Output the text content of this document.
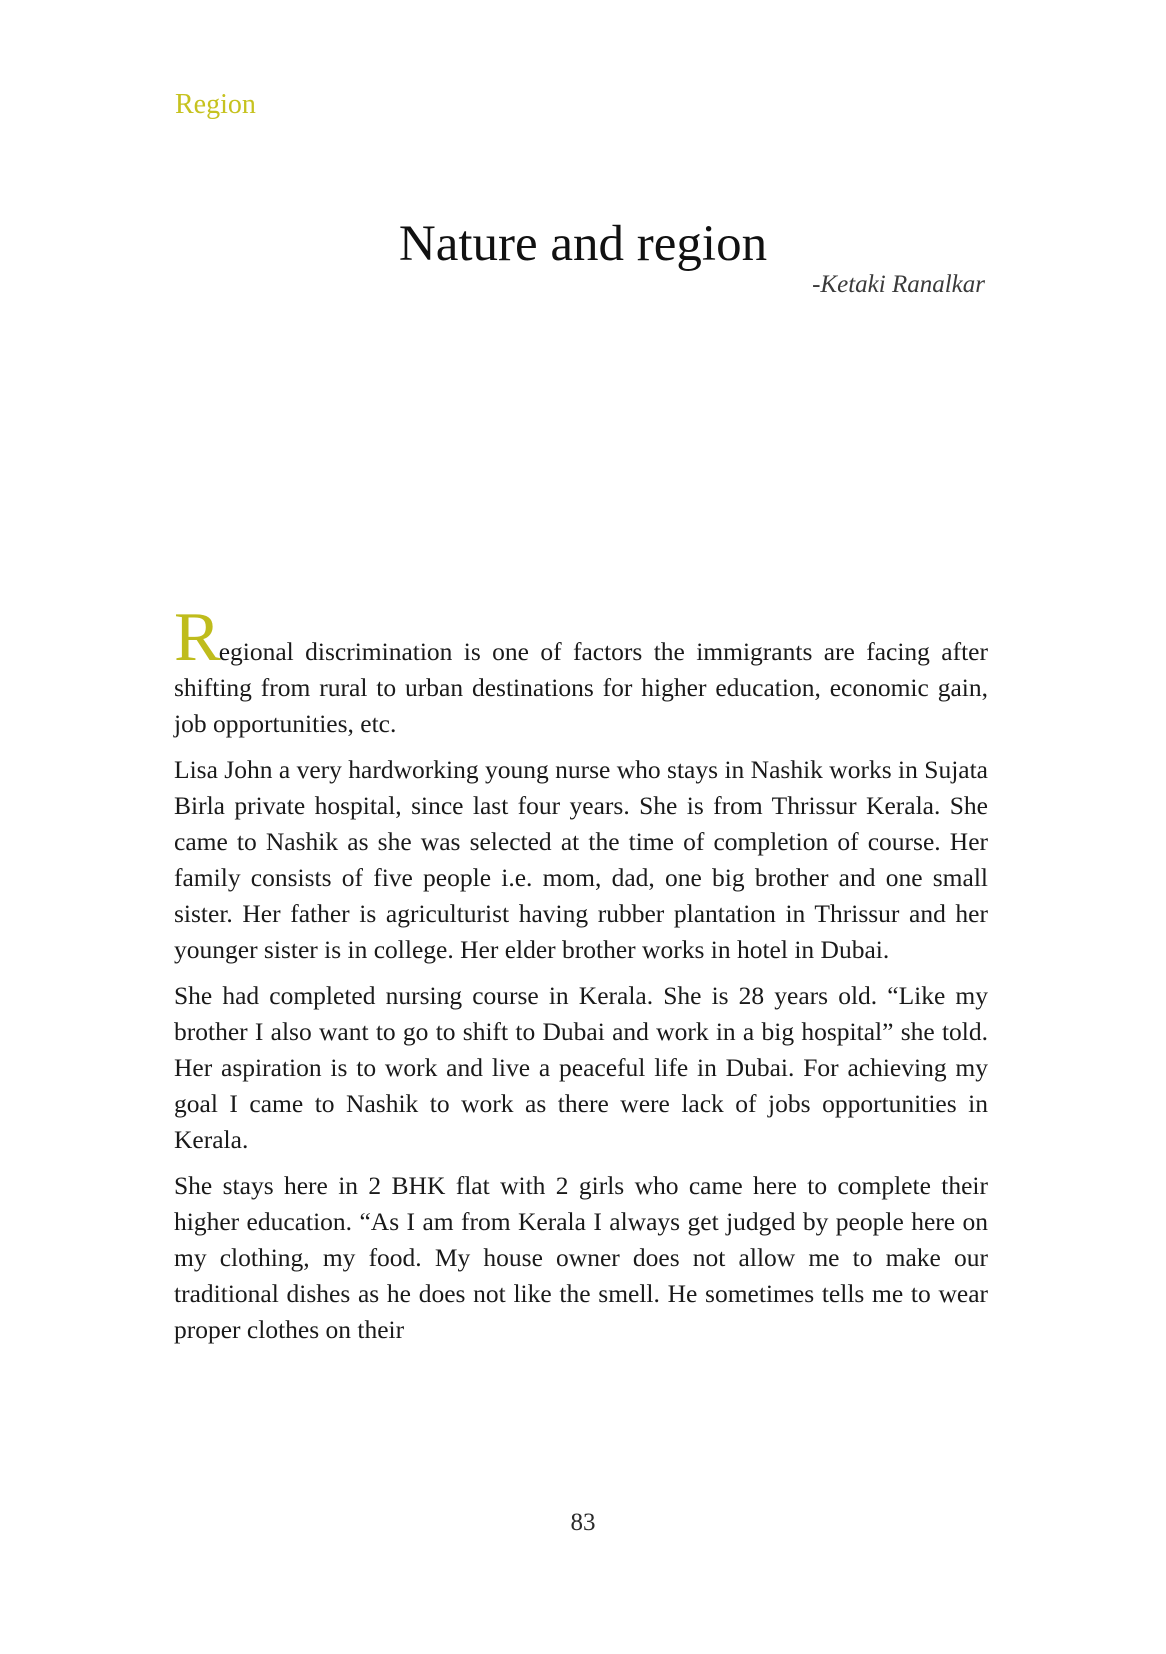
Region
Nature and region
-Ketaki Ranalkar

Regional discrimination is one of factors the immigrants are facing after shifting from rural to urban destinations for higher education, economic gain, job opportunities, etc.

Lisa John a very hardworking young nurse who stays in Nashik works in Sujata Birla private hospital, since last four years. She is from Thrissur Kerala. She came to Nashik as she was selected at the time of completion of course. Her family consists of five people i.e. mom, dad, one big brother and one small sister. Her father is agriculturist having rubber plantation in Thrissur and her younger sister is in college. Her elder brother works in hotel in Dubai.

She had completed nursing course in Kerala. She is 28 years old. “Like my brother I also want to go to shift to Dubai and work in a big hospital” she told. Her aspiration is to work and live a peaceful life in Dubai. For achieving my goal I came to Nashik to work as there were lack of jobs opportunities in Kerala.

She stays here in 2 BHK flat with 2 girls who came here to complete their higher education. “As I am from Kerala I always get judged by people here on my clothing, my food. My house owner does not allow me to make our traditional dishes as he does not like the smell. He sometimes tells me to wear proper clothes on their

83
